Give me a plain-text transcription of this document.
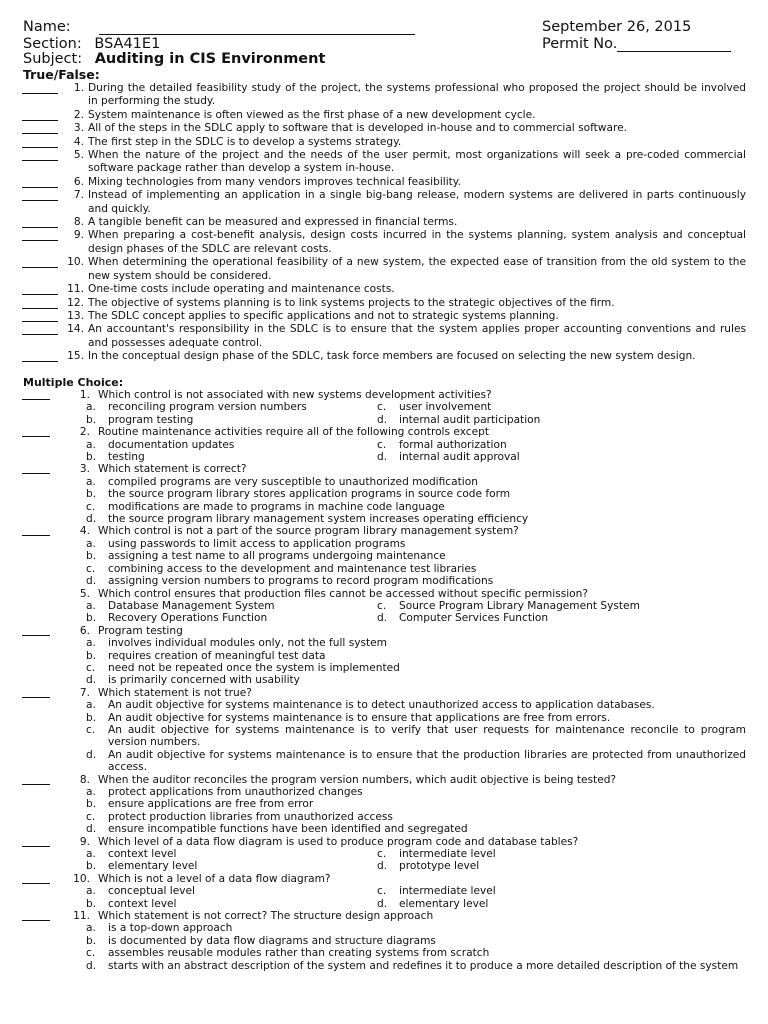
Name:	September 26, 2015
Section: BSA41E1	Permit No.
Subject: Auditing in CIS Environment
True/False:
1. During the detailed feasibility study of the project, the systems professional who proposed the project should be involved in performing the study.
2. System maintenance is often viewed as the first phase of a new development cycle.
3. All of the steps in the SDLC apply to software that is developed in-house and to commercial software.
4. The first step in the SDLC is to develop a systems strategy.
5. When the nature of the project and the needs of the user permit, most organizations will seek a pre-coded commercial software package rather than develop a system in-house.
6. Mixing technologies from many vendors improves technical feasibility.
7. Instead of implementing an application in a single big-bang release, modern systems are delivered in parts continuously and quickly.
8. A tangible benefit can be measured and expressed in financial terms.
9. When preparing a cost-benefit analysis, design costs incurred in the systems planning, system analysis and conceptual design phases of the SDLC are relevant costs.
10. When determining the operational feasibility of a new system, the expected ease of transition from the old system to the new system should be considered.
11. One-time costs include operating and maintenance costs.
12. The objective of systems planning is to link systems projects to the strategic objectives of the firm.
13. The SDLC concept applies to specific applications and not to strategic systems planning.
14. An accountant's responsibility in the SDLC is to ensure that the system applies proper accounting conventions and rules and possesses adequate control.
15. In the conceptual design phase of the SDLC, task force members are focused on selecting the new system design.
Multiple Choice:
1. Which control is not associated with new systems development activities?
a.	reconciling program version numbers	c.	user involvement
b.	program testing	d.	internal audit participation
2. Routine maintenance activities require all of the following controls except
a.	documentation updates	c.	formal authorization
b.	testing	d.	internal audit approval
3. Which statement is correct?
a.	compiled programs are very susceptible to unauthorized modification
b.	the source program library stores application programs in source code form
c.	modifications are made to programs in machine code language
d.	the source program library management system increases operating efficiency
4. Which control is not a part of the source program library management system?
a.	using passwords to limit access to application programs
b.	assigning a test name to all programs undergoing maintenance
c.	combining access to the development and maintenance test libraries
d.	assigning version numbers to programs to record program modifications
5. Which control ensures that production files cannot be accessed without specific permission?
a.	Database Management System	c.	Source Program Library Management System
b.	Recovery Operations Function	d.	Computer Services Function
6. Program testing
a.	involves individual modules only, not the full system
b.	requires creation of meaningful test data
c.	need not be repeated once the system is implemented
d.	is primarily concerned with usability
7. Which statement is not true?
a.	An audit objective for systems maintenance is to detect unauthorized access to application databases.
b.	An audit objective for systems maintenance is to ensure that applications are free from errors.
c.	An audit objective for systems maintenance is to verify that user requests for maintenance reconcile to program version numbers.
d.	An audit objective for systems maintenance is to ensure that the production libraries are protected from unauthorized access.
8. When the auditor reconciles the program version numbers, which audit objective is being tested?
a.	protect applications from unauthorized changes
b.	ensure applications are free from error
c.	protect production libraries from unauthorized access
d.	ensure incompatible functions have been identified and segregated
9. Which level of a data flow diagram is used to produce program code and database tables?
a.	context level	c.	intermediate level
b.	elementary level	d.	prototype level
10. Which is not a level of a data flow diagram?
a.	conceptual level	c.	intermediate level
b.	context level	d.	elementary level
11. Which statement is not correct? The structure design approach
a.	is a top-down approach
b.	is documented by data flow diagrams and structure diagrams
c.	assembles reusable modules rather than creating systems from scratch
d.	starts with an abstract description of the system and redefines it to produce a more detailed description of the system
